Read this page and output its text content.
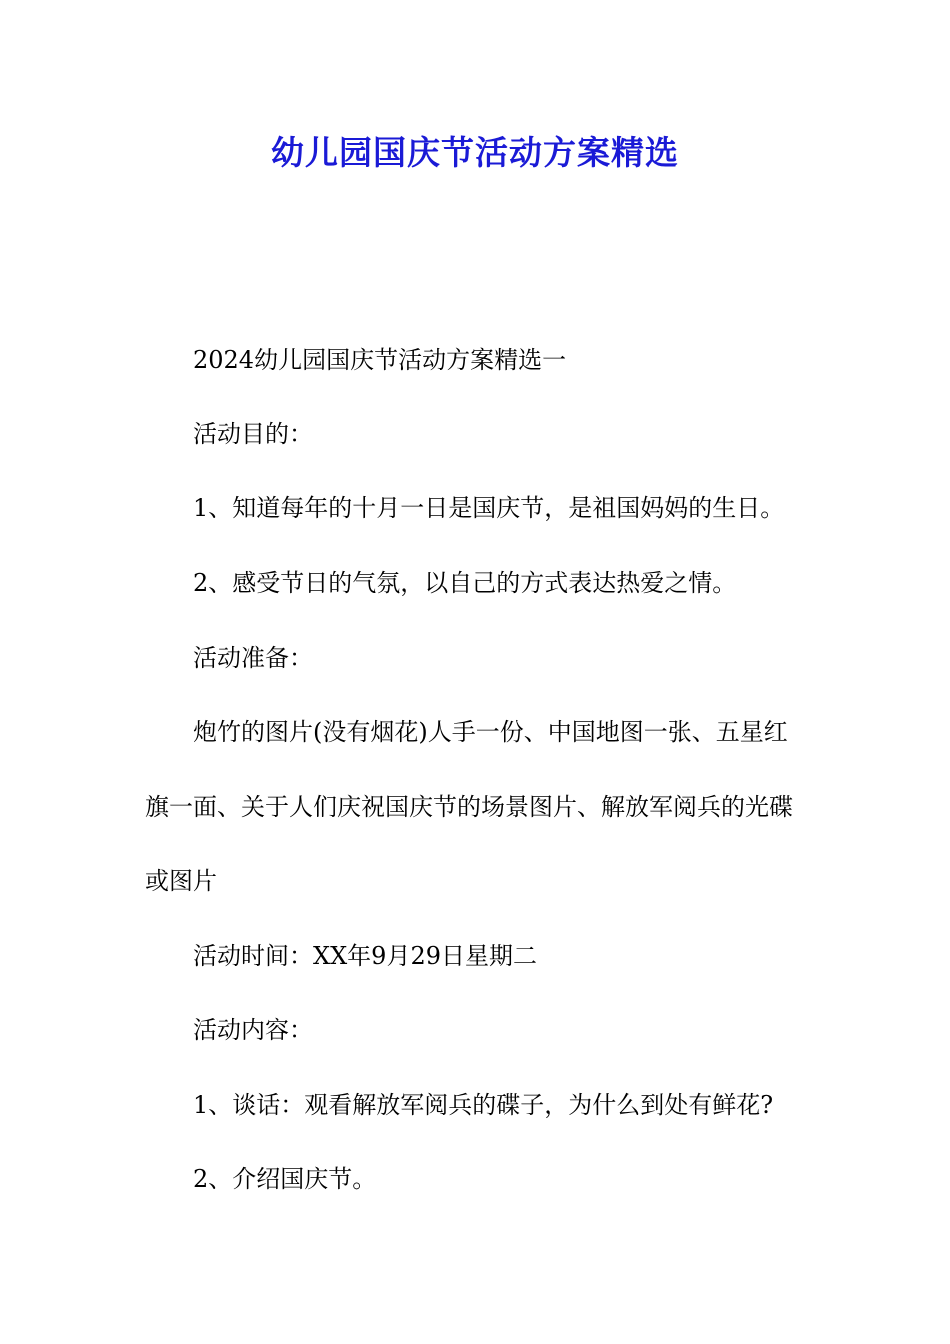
幼儿园国庆节活动方案精选
2024幼儿园国庆节活动方案精选一
活动目的：
1、知道每年的十月一日是国庆节，是祖国妈妈的生日。
2、感受节日的气氛，以自己的方式表达热爱之情。
活动准备：
炮竹的图片(没有烟花)人手一份、中国地图一张、五星红
旗一面、关于人们庆祝国庆节的场景图片、解放军阅兵的光碟
或图片
活动时间：XX年9月29日星期二
活动内容：
1、谈话：观看解放军阅兵的碟子，为什么到处有鲜花?
2、介绍国庆节。
